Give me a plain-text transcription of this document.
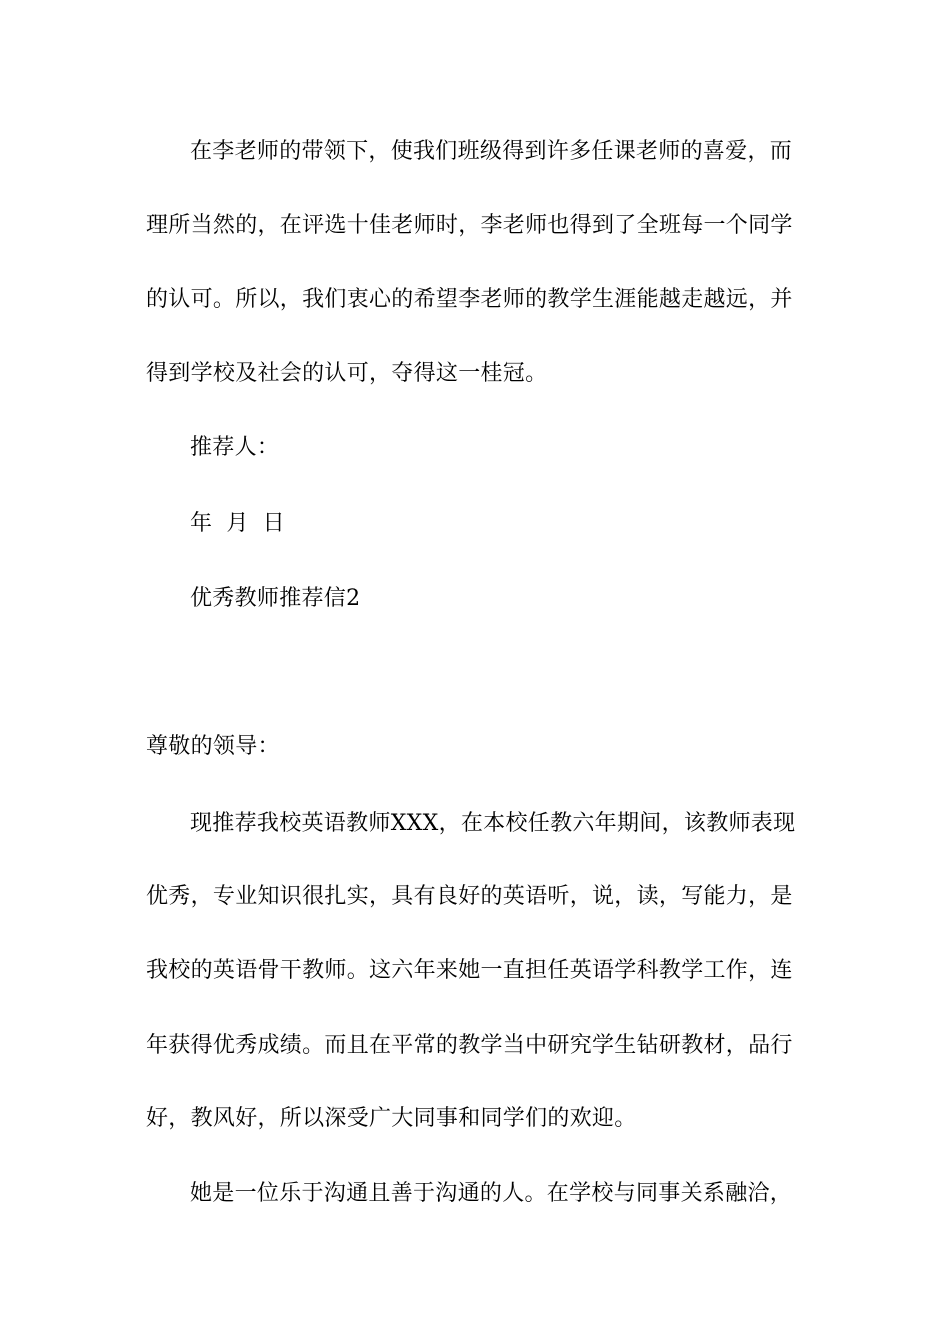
在李老师的带领下，使我们班级得到许多任课老师的喜爱，而
理所当然的，在评选十佳老师时，李老师也得到了全班每一个同学
的认可。所以，我们衷心的希望李老师的教学生涯能越走越远，并
得到学校及社会的认可，夺得这一桂冠。
推荐人：
年 月 日
优秀教师推荐信2
尊敬的领导：
现推荐我校英语教师XXX，在本校任教六年期间，该教师表现
优秀，专业知识很扎实，具有良好的英语听，说，读，写能力，是
我校的英语骨干教师。这六年来她一直担任英语学科教学工作，连
年获得优秀成绩。而且在平常的教学当中研究学生钻研教材，品行
好，教风好，所以深受广大同事和同学们的欢迎。
她是一位乐于沟通且善于沟通的人。在学校与同事关系融洽，
